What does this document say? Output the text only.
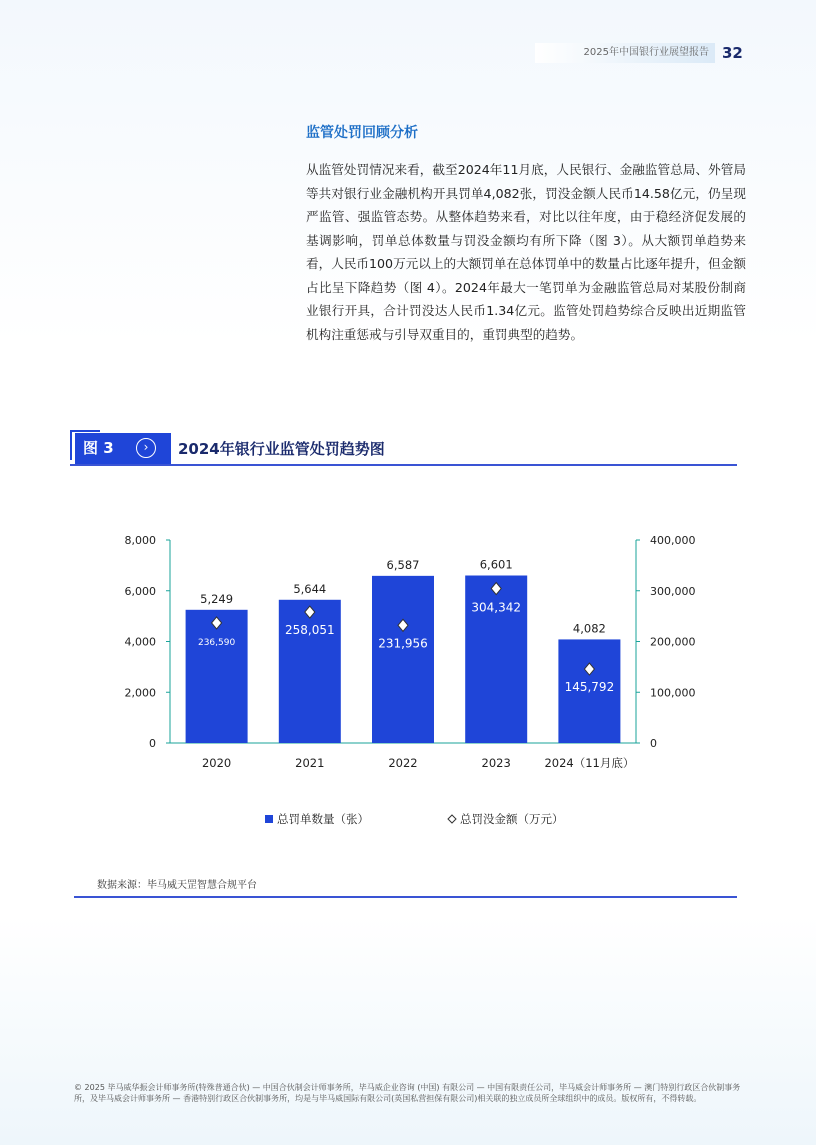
2025年中国银行业展望报告 32
监管处罚回顾分析
从监管处罚情况来看，截至2024年11月底，人民银行、金融监管总局、外管局等共对银行业金融机构开具罚单4,082张，罚没金额人民币14.58亿元，仍呈现严监管、强监管态势。从整体趋势来看，对比以往年度，由于稳经济促发展的基调影响，罚单总体数量与罚没金额均有所下降（图 3）。从大额罚单趋势来看，人民币100万元以上的大额罚单在总体罚单中的数量占比逐年提升，但金额占比呈下降趋势（图 4）。2024年最大一笔罚单为金融监管总局对某股份制商业银行开具，合计罚没达人民币1.34亿元。监管处罚趋势综合反映出近期监管机构注重惩戒与引导双重目的，重罚典型的趋势。
图 3	›	2024年银行业监管处罚趋势图
0
2,000
4,000
6,000
8,000
0
100,000
200,000
300,000
400,000
5,249
236,590
2020
5,644
258,051
2021
6,587
231,956
2022
6,601
304,342
2023
4,082
145,792
2024（11月底）
总罚单数量（张）	总罚没金额（万元）
数据来源：毕马威天罡智慧合规平台
© 2025 毕马威华振会计师事务所(特殊普通合伙) — 中国合伙制会计师事务所，毕马威企业咨询 (中国) 有限公司 — 中国有限责任公司，毕马威会计师事务所 — 澳门特别行政区合伙制事务所，及毕马威会计师事务所 — 香港特别行政区合伙制事务所，均是与毕马威国际有限公司(英国私营担保有限公司)相关联的独立成员所全球组织中的成员。版权所有，不得转载。
